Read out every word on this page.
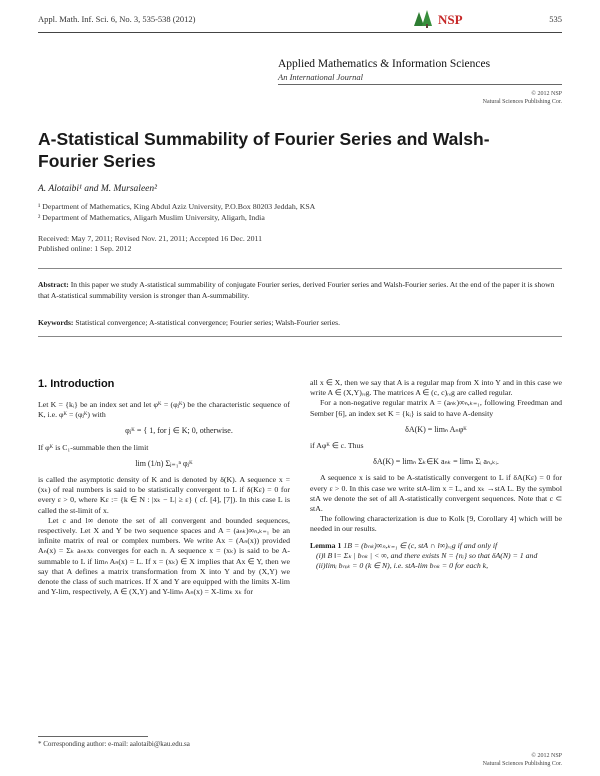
Appl. Math. Inf. Sci. 6, No. 3, 535-538 (2012)	NSP	535
Applied Mathematics & Information Sciences
An International Journal
© 2012 NSP
Natural Sciences Publishing Cor.
A-Statistical Summability of Fourier Series and Walsh-Fourier Series
A. Alotaibi¹ and M. Mursaleen²
¹ Department of Mathematics, King Abdul Aziz University, P.O.Box 80203 Jeddah, KSA
² Department of Mathematics, Aligarh Muslim University, Aligarh, India
Received: May 7, 2011; Revised Nov. 21, 2011; Accepted 16 Dec. 2011
Published online: 1 Sep. 2012
Abstract: In this paper we study A-statistical summability of conjugate Fourier series, derived Fourier series and Walsh-Fourier series. At the end of the paper it is shown that A-statistical summability version is stronger than A-summability.
Keywords: Statistical convergence; A-statistical convergence; Fourier series; Walsh-Fourier series.
1. Introduction

Let K = {kᵢ} be an index set and let φᴷ = (φⱼᴷ) be the characteristic sequence of K, i.e. φᴷ = (φⱼᴷ) with

φⱼᴷ = { 1, for j ∈ K; 0, otherwise.

If φᴷ is C₁-summable then the limit

lim (1/n) Σⱼ₌₁ⁿ φⱼᴷ

is called the asymptotic density of K and is denoted by δ(K). A sequence x = (xₖ) of real numbers is said to be statistically convergent to L if δ(Kε) = 0 for every ε > 0, where Kε := {k ∈ N : |xₖ − L| ≥ ε} ( cf. [4], [7]). In this case L is called the st-limit of x.

Let c and l∞ denote the set of all convergent and bounded sequences, respectively. Let X and Y be two sequence spaces and A = (aₙₖ)∞ₙ,ₖ₌₁ be an infinite matrix of real or complex numbers. We write Ax = (Aₙ(x)) provided Aₙ(x) = Σₖ aₙₖxₖ converges for each n. A sequence x = (xₖ) is said to be A-summable to L if limₙ Aₙ(x) = L. If x = (xₖ) ∈ X implies that Ax ∈ Y, then we say that A defines a matrix transformation from X into Y and by (X,Y) we denote the class of such matrices. If X and Y are equipped with the limits X-lim and Y-lim, respectively, A ∈ (X,Y) and Y-limₙ Aₙ(x) = X-limₖ xₖ for

all x ∈ X, then we say that A is a regular map from X into Y and in this case we write A ∈ (X,Y)ᵣₑg. The matrices A ∈ (c, c)ᵣₑg are called regular.

For a non-negative regular matrix A = (aₙₖ)∞ₙ,ₖ₌₁, following Freedman and Sember [6], an index set K = {kᵢ} is said to have A-density

δA(K) = limₙ Aₙφᴷ

if Aφᴷ ∈ c. Thus

δA(K) = limₙ Σₖ∈K aₙₖ = limₙ Σᵢ aₙ,ₖᵢ.

A sequence x is said to be A-statistically convergent to L if δA(Kε) = 0 for every ε > 0. In this case we write stA-lim x = L, and xₖ →stA L. By the symbol stA we denote the set of all A-statistically convergent sequences. Note that c ⊂ stA.

The following characterization is due to Kolk [9, Corollary 4] which will be needed in our results.

Lemma 1 1B = (bₙₖ)∞ₙ,ₖ₌₁ ∈ (c, stA ∩ l∞)ᵣₑg if and only if

(i)‖ B ‖= Σₖ | bₙₖ | < ∞, and there exists N = {nᵢ} so that δA(N) = 1 and

(ii)limᵢ bₙᵢₖ = 0 (k ∈ N), i.e. stA-lim bₙₖ = 0 for each k,

* Corresponding author: e-mail: aalotaibi@kau.edu.sa
© 2012 NSP
Natural Sciences Publishing Cor.
